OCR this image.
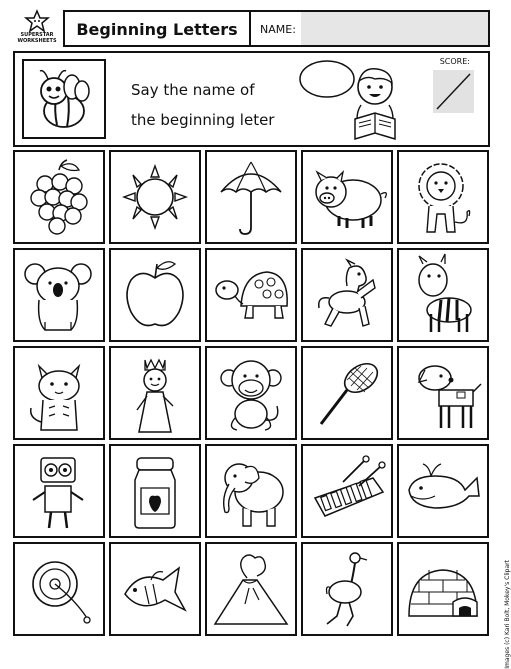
SUPERSTAR WORKSHEETS
Beginning Letters	NAME:
Say the name of
the beginning leter
SCORE:
Images (c) Kari Bolt, Mokey's Clipart
